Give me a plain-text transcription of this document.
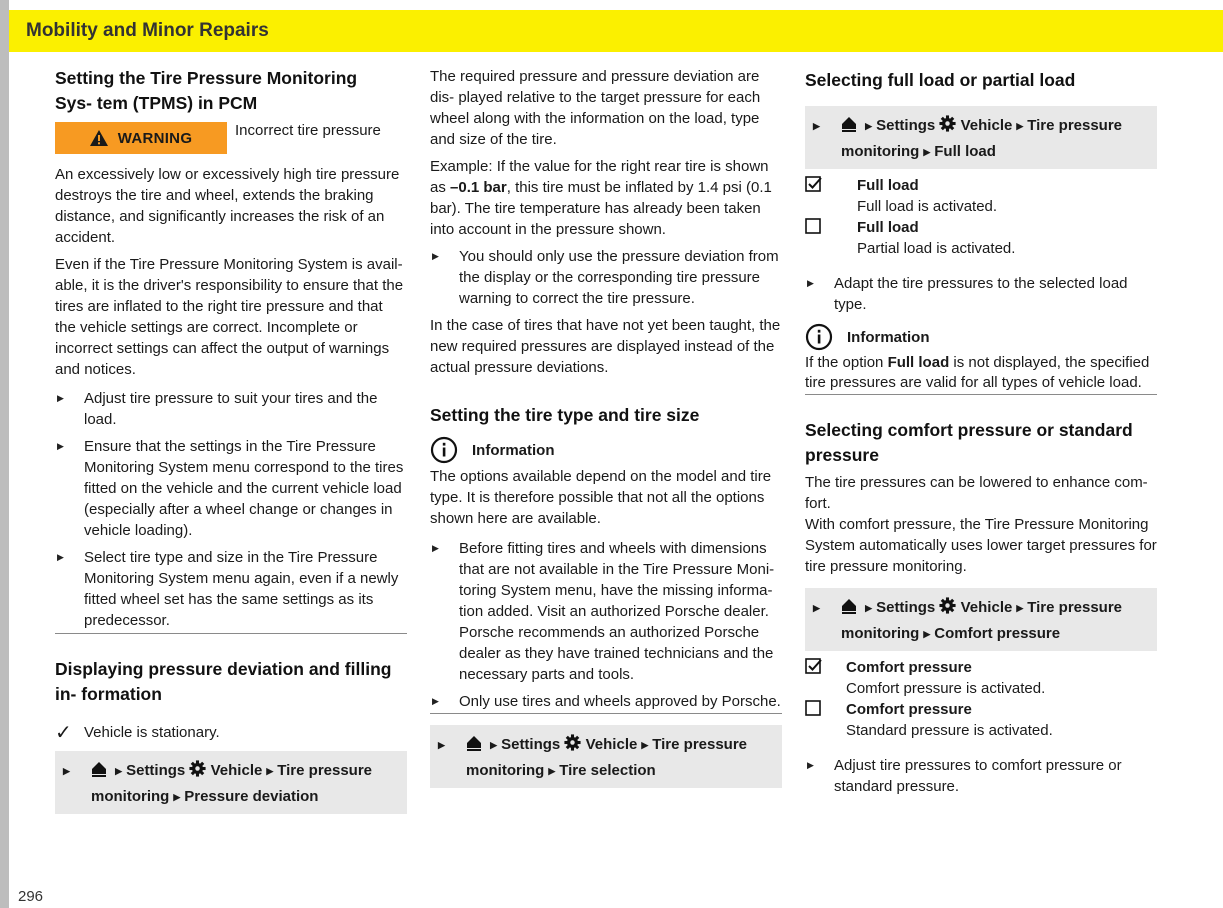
Mobility and Minor Repairs
Setting the Tire Pressure Monitoring Sys- tem (TPMS) in PCM
WARNING	Incorrect tire pressure

An excessively low or excessively high tire pressure destroys the tire and wheel, extends the braking distance, and significantly increases the risk of an accident.

Even if the Tire Pressure Monitoring System is avail- able, it is the driver's responsibility to ensure that the tires are inflated to the right tire pressure and that the vehicle settings are correct. Incomplete or incorrect settings can affect the output of warnings and notices.

▶ Adjust tire pressure to suit your tires and the load.
▶ Ensure that the settings in the Tire Pressure Monitoring System menu correspond to the tires fitted on the vehicle and the current vehicle load (especially after a wheel change or changes in vehicle loading).
▶ Select tire type and size in the Tire Pressure Monitoring System menu again, even if a newly fitted wheel set has the same settings as its predecessor.
Displaying pressure deviation and filling in- formation
✓ Vehicle is stationary.
▶	▶ Settings Vehicle ▶ Tire pressure
monitoring ▶ Pressure deviation

The required pressure and pressure deviation are dis- played relative to the target pressure for each wheel along with the information on the load, type and size of the tire.

Example: If the value for the right rear tire is shown as –0.1 bar, this tire must be inflated by 1.4 psi (0.1 bar). The tire temperature has already been taken into account in the pressure shown.

▶ You should only use the pressure deviation from the display or the corresponding tire pressure warning to correct the tire pressure.

In the case of tires that have not yet been taught, the new required pressures are displayed instead of the actual pressure deviations.

Setting the tire type and tire size
Information

The options available depend on the model and tire type. It is therefore possible that not all the options shown here are available.

▶ Before fitting tires and wheels with dimensions that are not available in the Tire Pressure Moni- toring System menu, have the missing informa- tion added. Visit an authorized Porsche dealer. Porsche recommends an authorized Porsche dealer as they have trained technicians and the necessary parts and tools.
▶ Only use tires and wheels approved by Porsche.
▶	▶ Settings Vehicle ▶ Tire pressure
monitoring ▶ Tire selection
Selecting full load or partial load
▶	▶ Settings Vehicle ▶ Tire pressure
monitoring ▶ Full load
Full load
Full load is activated.
Full load
Partial load is activated.
▶ Adapt the tire pressures to the selected load type.
Information

If the option Full load is not displayed, the specified tire pressures are valid for all types of vehicle load.

Selecting comfort pressure or standard pressure

The tire pressures can be lowered to enhance com- fort.

With comfort pressure, the Tire Pressure Monitoring System automatically uses lower target pressures for tire pressure monitoring.

▶	▶ Settings Vehicle ▶ Tire pressure
monitoring ▶ Comfort pressure
Comfort pressure
Comfort pressure is activated.
Comfort pressure
Standard pressure is activated.
▶ Adjust tire pressures to comfort pressure or standard pressure.
296
